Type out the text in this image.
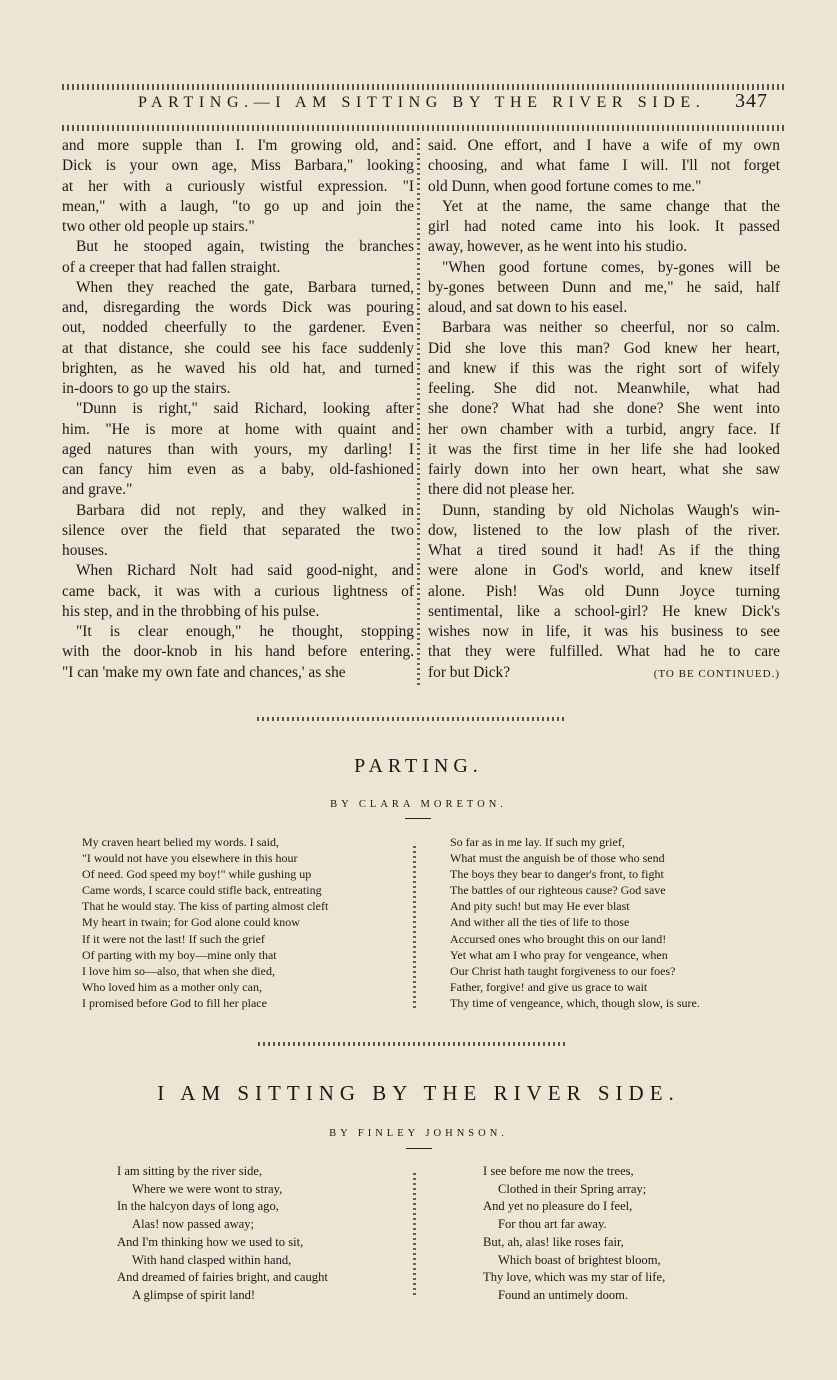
PARTING.—I AM SITTING BY THE RIVER SIDE.	347
and more supple than I. I'm growing old, and
Dick is your own age, Miss Barbara," looking
at her with a curiously wistful expression. "I
mean," with a laugh, "to go up and join the
two other old people up stairs."
But he stooped again, twisting the branches
of a creeper that had fallen straight.
When they reached the gate, Barbara turned,
and, disregarding the words Dick was pouring
out, nodded cheerfully to the gardener. Even
at that distance, she could see his face suddenly
brighten, as he waved his old hat, and turned
in-doors to go up the stairs.
"Dunn is right," said Richard, looking after
him. "He is more at home with quaint and
aged natures than with yours, my darling! I
can fancy him even as a baby, old-fashioned
and grave."
Barbara did not reply, and they walked in
silence over the field that separated the two
houses.
When Richard Nolt had said good-night, and
came back, it was with a curious lightness of
his step, and in the throbbing of his pulse.
"It is clear enough," he thought, stopping
with the door-knob in his hand before entering.
"I can 'make my own fate and chances,' as she
said. One effort, and I have a wife of my own
choosing, and what fame I will. I'll not forget
old Dunn, when good fortune comes to me."
Yet at the name, the same change that the
girl had noted came into his look. It passed
away, however, as he went into his studio.
"When good fortune comes, by-gones will be
by-gones between Dunn and me," he said, half
aloud, and sat down to his easel.
Barbara was neither so cheerful, nor so calm.
Did she love this man? God knew her heart,
and knew if this was the right sort of wifely
feeling. She did not. Meanwhile, what had
she done? What had she done? She went into
her own chamber with a turbid, angry face. If
it was the first time in her life she had looked
fairly down into her own heart, what she saw
there did not please her.
Dunn, standing by old Nicholas Waugh's win-
dow, listened to the low plash of the river.
What a tired sound it had! As if the thing
were alone in God's world, and knew itself
alone. Pish! Was old Dunn Joyce turning
sentimental, like a school-girl? He knew Dick's
wishes now in life, it was his business to see
that they were fulfilled. What had he to care
for but Dick?	(TO BE CONTINUED.)
PARTING.
BY CLARA MORETON.
My craven heart belied my words. I said,
"I would not have you elsewhere in this hour
Of need. God speed my boy!" while gushing up
Came words, I scarce could stifle back, entreating
That he would stay. The kiss of parting almost cleft
My heart in twain; for God alone could know
If it were not the last! If such the grief
Of parting with my boy—mine only that
I love him so—also, that when she died,
Who loved him as a mother only can,
I promised before God to fill her place
So far as in me lay. If such my grief,
What must the anguish be of those who send
The boys they bear to danger's front, to fight
The battles of our righteous cause? God save
And pity such! but may He ever blast
And wither all the ties of life to those
Accursed ones who brought this on our land!
Yet what am I who pray for vengeance, when
Our Christ hath taught forgiveness to our foes?
Father, forgive! and give us grace to wait
Thy time of vengeance, which, though slow, is sure.
I AM SITTING BY THE RIVER SIDE.
BY FINLEY JOHNSON.
I am sitting by the river side,
Where we were wont to stray,
In the halcyon days of long ago,
Alas! now passed away;
And I'm thinking how we used to sit,
With hand clasped within hand,
And dreamed of fairies bright, and caught
A glimpse of spirit land!
I see before me now the trees,
Clothed in their Spring array;
And yet no pleasure do I feel,
For thou art far away.
But, ah, alas! like roses fair,
Which boast of brightest bloom,
Thy love, which was my star of life,
Found an untimely doom.
